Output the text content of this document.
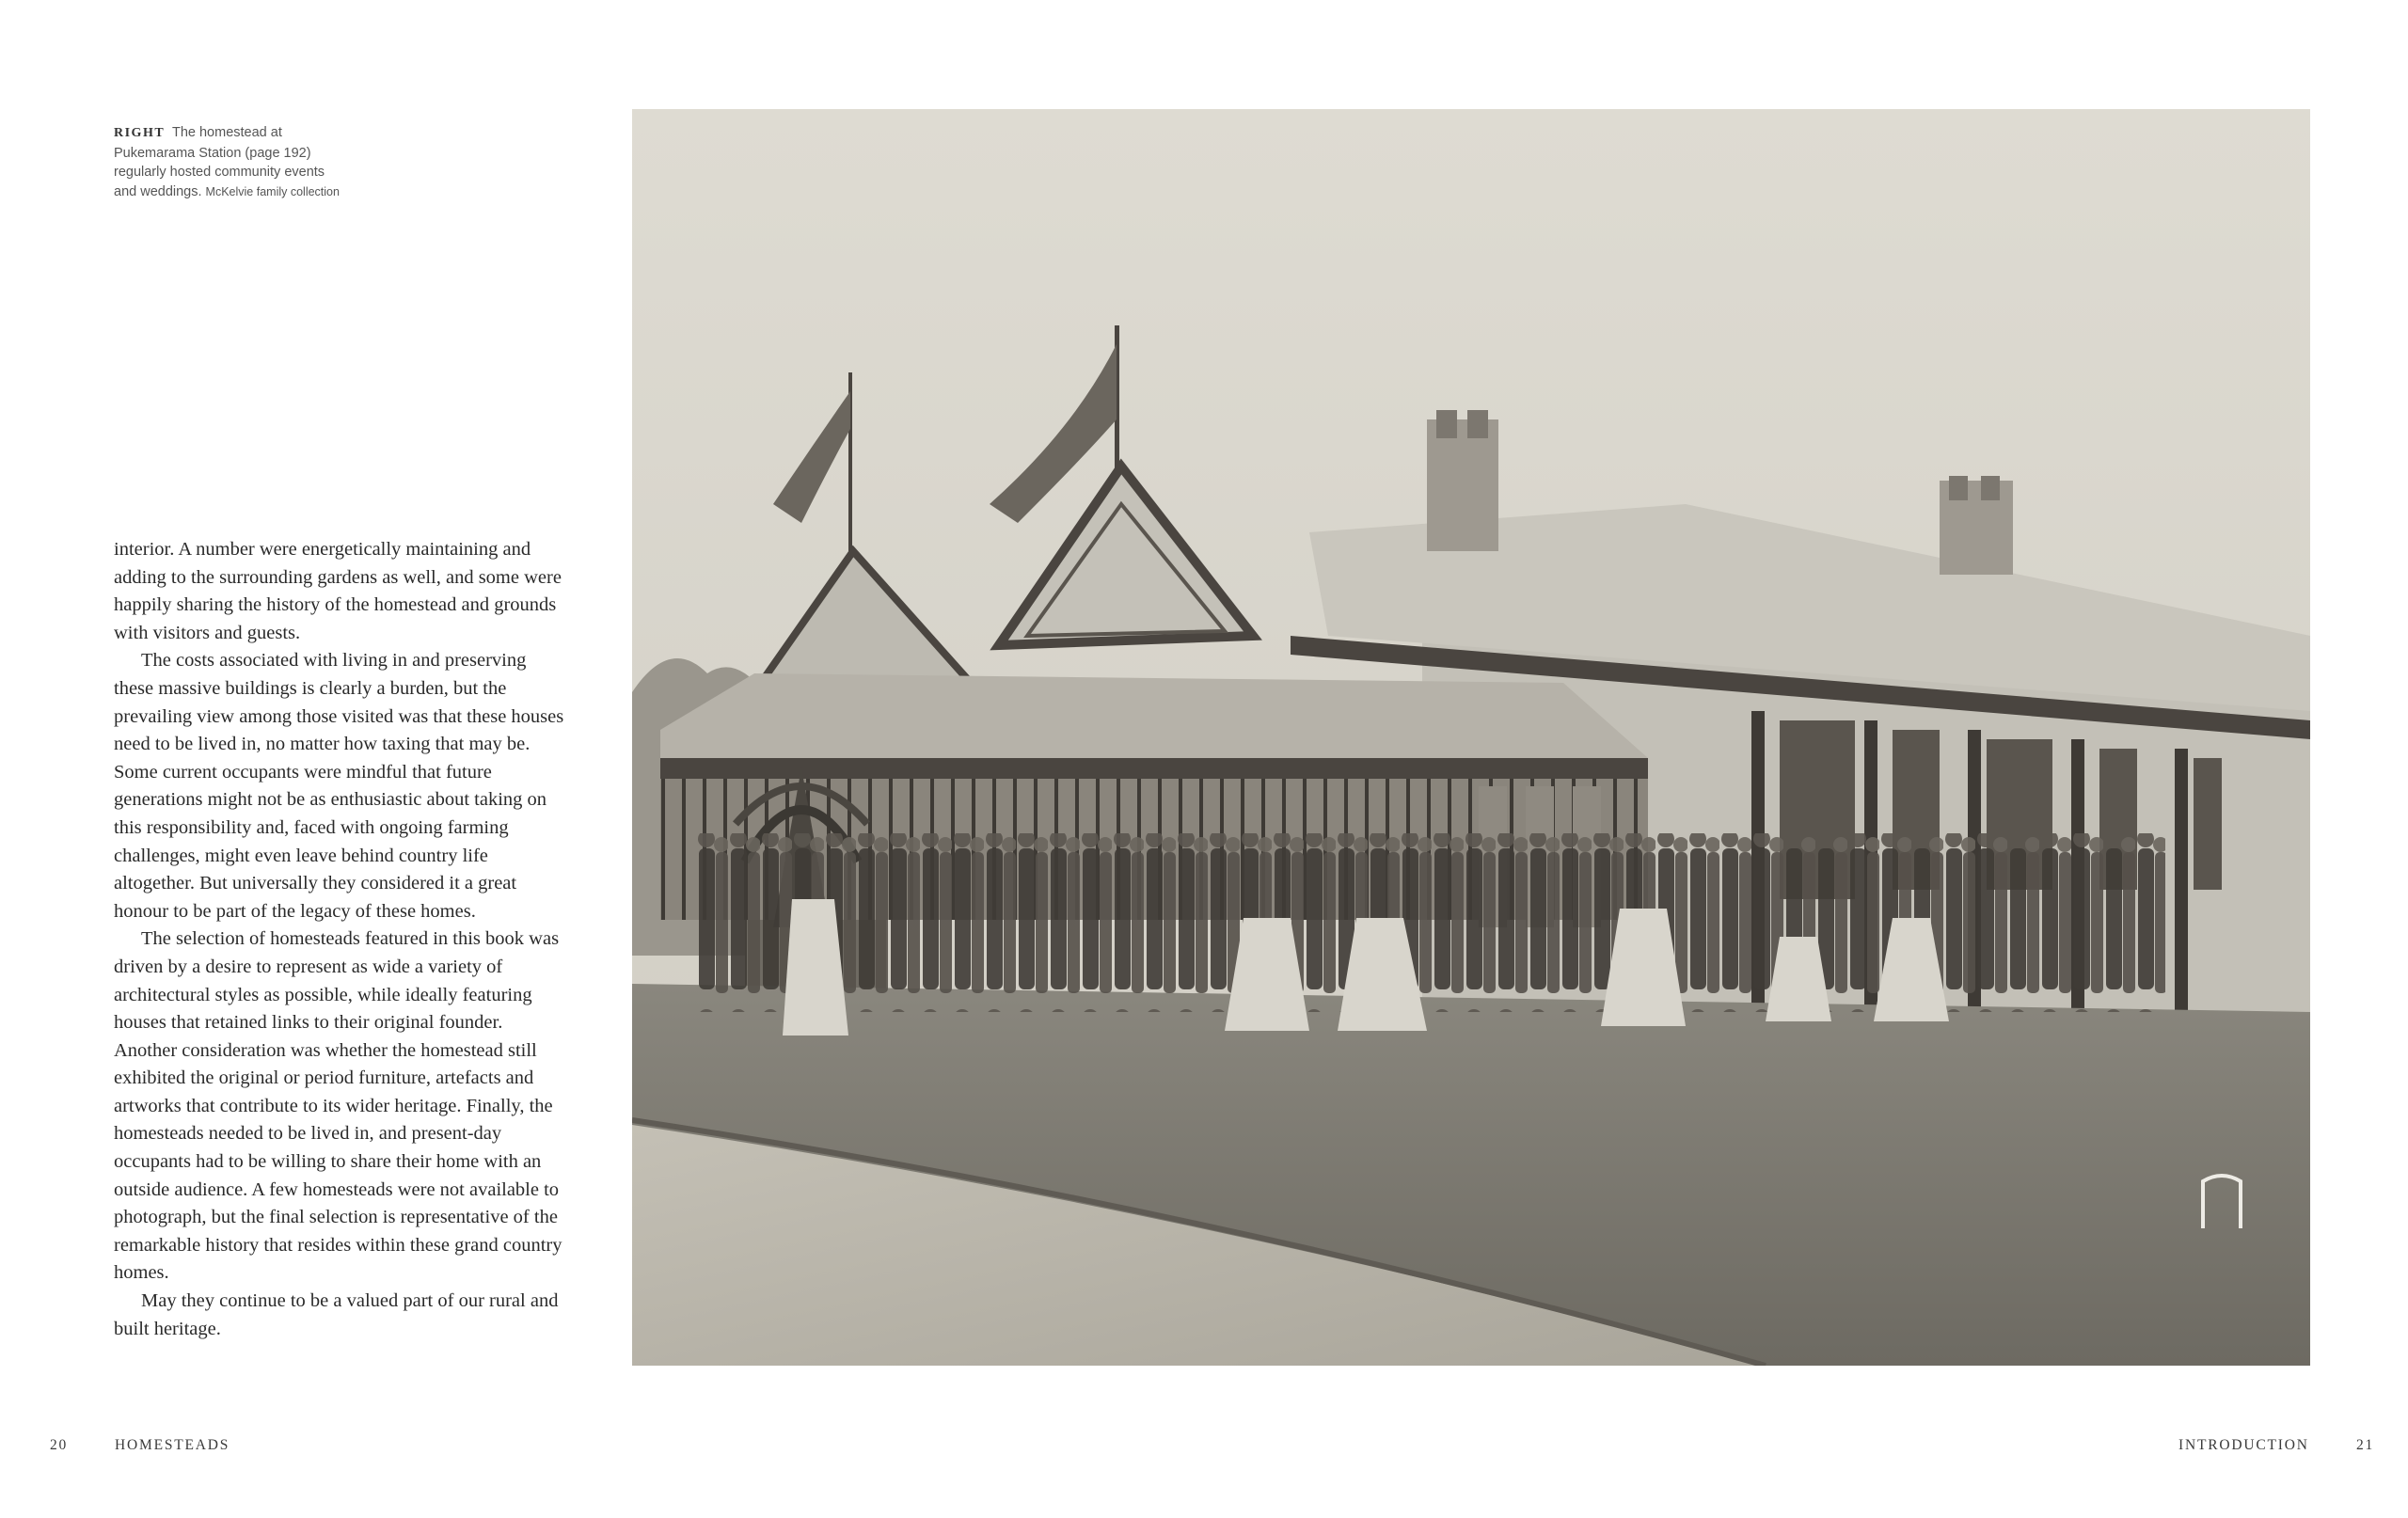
RIGHT The homestead at Pukemarama Station (page 192) regularly hosted community events and weddings. McKelvie family collection

interior. A number were energetically maintaining and adding to the surrounding gardens as well, and some were happily sharing the history of the homestead and grounds with visitors and guests.

The costs associated with living in and preserving these massive buildings is clearly a burden, but the prevailing view among those visited was that these houses need to be lived in, no matter how taxing that may be. Some current occupants were mindful that future generations might not be as enthusiastic about taking on this responsibility and, faced with ongoing farming challenges, might even leave behind country life altogether. But universally they considered it a great honour to be part of the legacy of these homes.

The selection of homesteads featured in this book was driven by a desire to represent as wide a variety of architectural styles as possible, while ideally featuring houses that retained links to their original founder. Another consideration was whether the homestead still exhibited the original or period furniture, artefacts and artworks that contribute to its wider heritage. Finally, the homesteads needed to be lived in, and present-day occupants had to be willing to share their home with an outside audience. A few homesteads were not available to photograph, but the final selection is representative of the remarkable history that resides within these grand country homes.

May they continue to be a valued part of our rural and built heritage.

20	HOMESTEADS	INTRODUCTION	21
